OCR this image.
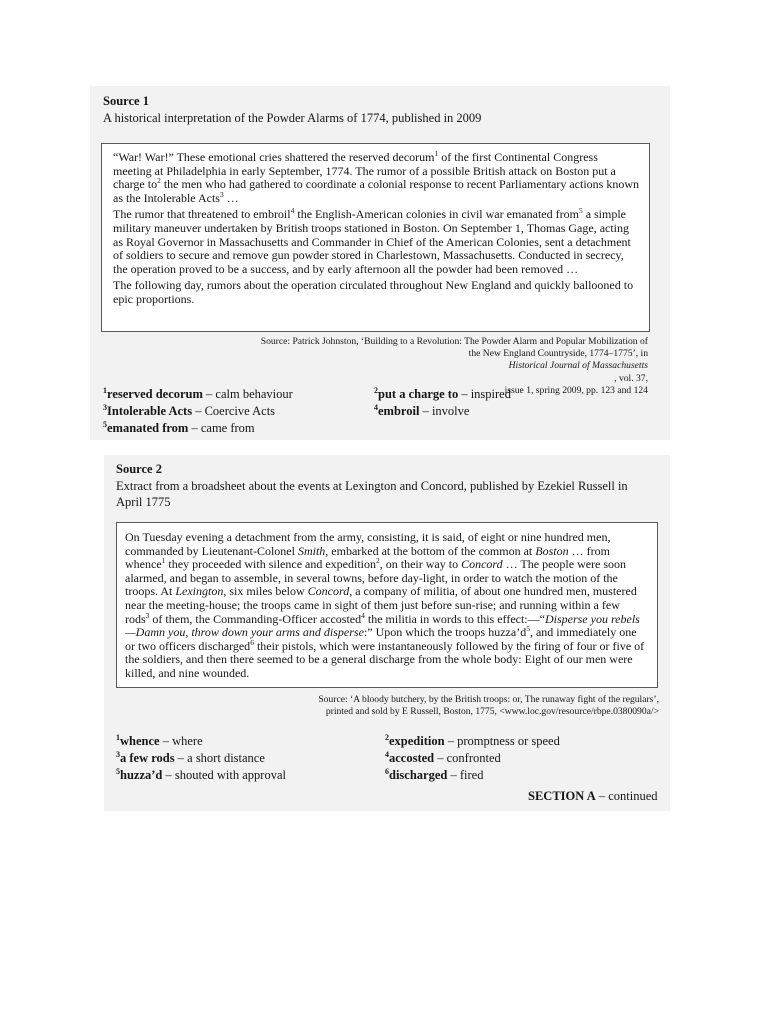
Source 1
A historical interpretation of the Powder Alarms of 1774, published in 2009

“War! War!” These emotional cries shattered the reserved decorum$^1$ of the first Continental Congress meeting at Philadelphia in early September, 1774. The rumor of a possible British attack on Boston put a charge $to^2$ the men who had gathered to coordinate a colonial response to recent Parliamentary actions known as the Intolerable Acts$^3$ …

The rumor that threatened to embroil$^4$ the English-American colonies in civil war emanated from$^5$ a simple military maneuver undertaken by British troops stationed in Boston. On September 1, Thomas Gage, acting as Royal Governor in Massachusetts and Commander in Chief of the American Colonies, sent a detachment of soldiers to secure and remove gun powder stored in Charlestown, Massachusetts. Conducted in secrecy, the operation proved to be a success, and by early afternoon all the powder had been removed …

The following day, rumors about the operation circulated throughout New England and quickly ballooned to epic proportions.

Source: Patrick Johnston, ‘Building to a Revolution: The Powder Alarm and Popular Mobilization of
the New England Countryside, 1774–1775’, in
Historical Journal of Massachusetts
, vol. 37,
issue 1, spring 2009, pp. 123 and 124
$^1$reserved decorum – calm behaviour	$^2$put a charge to – inspired
$^3$Intolerable Acts – Coercive Acts	$^4$embroil – involve
$^5$emanated from – came from
Source 2
Extract from a broadsheet about the events at Lexington and Concord, published by Ezekiel Russell in April 1775

On Tuesday evening a detachment from the army, consisting, it is said, of eight or nine hundred men, commanded by Lieutenant-Colonel Smith, embarked at the bottom of the common at Boston … from whence$^1$ they proceeded with silence and expedition$^2$, on their way to Concord … The people were soon alarmed, and began to assemble, in several towns, before day-light, in order to watch the motion of the troops. At Lexington, six miles below Concord, a company of militia, of about one hundred men, mustered near the meeting-house; the troops came in sight of them just before sun-rise; and running within a few rods$^3$ of them, the Commanding-Officer accosted$^4$ the militia in words to this effect:—“Disperse you rebels—Damn you, throw down your arms and disperse:” Upon which the troops $huzza’d^5$, and immediately one or two officers discharged$^6$ their pistols, which were instantaneously followed by the firing of four or five of the soldiers, and then there seemed to be a general discharge from the whole body: Eight of our men were killed, and nine wounded.

Source: ‘A bloody butchery, by the British troops: or, The runaway fight of the regulars’,
printed and sold by E Russell, Boston, 1775, <www.loc.gov/resource/rbpe.0380090a/>
$^1$whence – where	$^2$expedition – promptness or speed
$^3$a few rods – a short distance	$^4$accosted – confronted
$^5$huzza’d – shouted with approval	$^6$discharged – fired
SECTION A – continued
